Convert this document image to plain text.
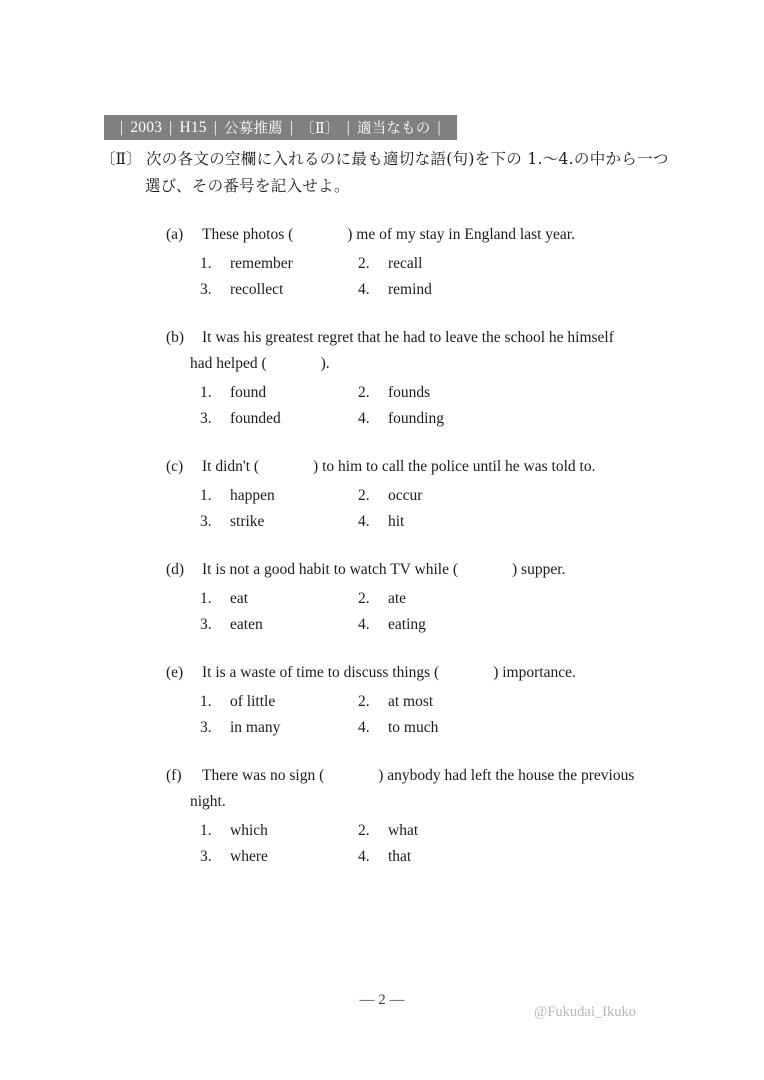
| 2003 | H15 | 公募推薦 | 〔Ⅱ〕 | 適当なもの |
〔Ⅱ〕 次の各文の空欄に入れるのに最も適切な語(句)を下の 1.〜4.の中から一つ
選び、その番号を記入せよ。
(a)	These photos (	) me of my stay in England last year.
1.	remember	2.	recall
3.	recollect	4.	remind
(b)	It was his greatest regret that he had to leave the school he himself
had helped (	).
1.	found	2.	founds
3.	founded	4.	founding
(c)	It didn't (	) to him to call the police until he was told to.
1.	happen	2.	occur
3.	strike	4.	hit
(d)	It is not a good habit to watch TV while (	) supper.
1.	eat	2.	ate
3.	eaten	4.	eating
(e)	It is a waste of time to discuss things (	) importance.
1.	of little	2.	at most
3.	in many	4.	to much
(f)	There was no sign (	) anybody had left the house the previous
night.
1.	which	2.	what
3.	where	4.	that
— 2 —
@Fukudai_Ikuko
